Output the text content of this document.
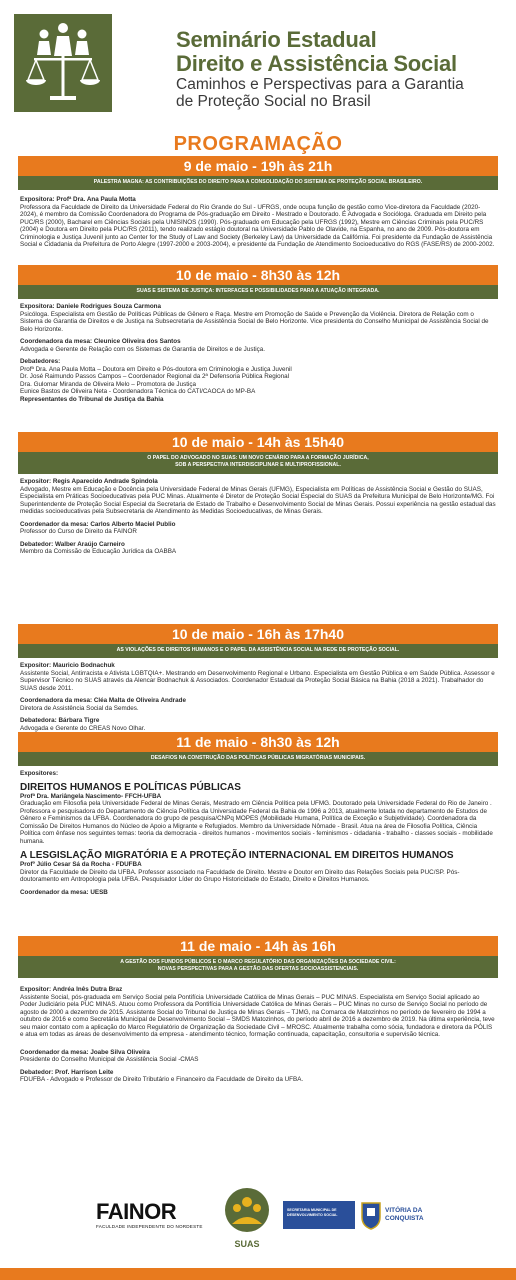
Seminário Estadual
Direito e Assistência Social
Caminhos e Perspectivas para a Garantia
de Proteção Social no Brasil
PROGRAMAÇÃO
9 de maio - 19h às 21h
PALESTRA MAGNA: AS CONTRIBUIÇÕES DO DIREITO PARA A CONSOLIDAÇÃO DO SISTEMA DE PROTEÇÃO SOCIAL BRASILEIRO.
Expositora: Profª Dra. Ana Paula Motta

Professora da Faculdade de Direito da Universidade Federal do Rio Grande do Sul - UFRGS, onde ocupa função de gestão como Vice-diretora da Faculdade (2020-2024), é membro da Comissão Coordenadora do Programa de Pós-graduação em Direito - Mestrado e Doutorado. É Advogada e Socióloga. Graduada em Direito pela PUC/RS (2000), Bacharel em Ciências Sociais pela UNISINOS (1990). Pós-graduado em Educação pela UFRGS (1992), Mestre em Ciências Criminais pela PUC/RS (2004) e Doutora em Direito pela PUC/RS (2011), tendo realizado estágio doutoral na Universidade Pablo de Olavide, na Espanha, no ano de 2009. Pós-doutora em Criminologia e Justiça Juvenil junto ao Center for the Study of Law and Society (Berkeley Law) da Universidade da Califórnia. Foi presidente da Fundação de Assistência Social e Cidadania da Prefeitura de Porto Alegre (1997-2000 e 2003-2004), e presidente da Fundação de Atendimento Socioeducativo do RGS (FASE/RS) de 2000-2002.

10 de maio - 8h30 às 12h
SUAS E SISTEMA DE JUSTIÇA: INTERFACES E POSSIBILIDADES PARA A ATUAÇÃO INTEGRADA.
Expositora: Daniele Rodrigues Souza Carmona

Psicóloga. Especialista em Gestão de Políticas Públicas de Gênero e Raça. Mestre em Promoção de Saúde e Prevenção da Violência. Diretora de Relação com o Sistema de Garantia de Direitos e de Justiça na Subsecretaria de Assistência Social de Belo Horizonte. Vice presidenta do Conselho Municipal de Assistência Social de Belo Horizonte.

Coordenadora da mesa: Cleunice Oliveira dos Santos

Advogada e Gerente de Relação com os Sistemas de Garantia de Direitos e de Justiça.

Debatedores:
Profª Dra. Ana Paula Motta – Doutora em Direito e Pós-doutora em Criminologia e Justiça Juvenil
Dr. José Raimundo Passos Campos – Coordenador Regional da 2ª Defensoria Pública Regional
Dra. Gulomar Miranda de Oliveira Melo – Promotora de Justiça
Eunice Bastos de Oliveira Neta - Coordenadora Técnica do CATI/CAOCA do MP-BA
Representantes do Tribunal de Justiça da Bahia
10 de maio - 14h às 15h40
O PAPEL DO ADVOGADO NO SUAS: UM NOVO CENÁRIO PARA A FORMAÇÃO JURÍDICA,
SOB A PERSPECTIVA INTERDISCIPLINAR E MULTIPROFISSIONAL.
Expositor: Regis Aparecido Andrade Spindola

Advogado, Mestre em Educação e Docência pela Universidade Federal de Minas Gerais (UFMG), Especialista em Políticas de Assistência Social e Gestão do SUAS, Especialista em Práticas Socioeducativas pela PUC Minas. Atualmente é Diretor de Proteção Social Especial do SUAS da Prefeitura Municipal de Belo Horizonte/MG. Foi Superintendente de Proteção Social Especial da Secretaria de Estado de Trabalho e Desenvolvimento Social de Minas Gerais. Possui experiência na gestão estadual das medidas socioeducativas pela Subsecretaria de Atendimento às Medidas Socioeducativas, de Minas Gerais.

Coordenador da mesa: Carlos Alberto Maciel Publio

Professor do Curso de Direito da FAINOR

Debatedor: Walber Araújo Carneiro

Membro da Comissão de Educação Jurídica da OABBA

10 de maio - 16h às 17h40
AS VIOLAÇÕES DE DIREITOS HUMANOS E O PAPEL DA ASSISTÊNCIA SOCIAL NA REDE DE PROTEÇÃO SOCIAL.
Expositor: Mauricio Bodnachuk

Assistente Social, Antirracista e Ativista LGBTQIA+. Mestrando em Desenvolvimento Regional e Urbano. Especialista em Gestão Pública e em Saúde Pública. Assessor e Supervisor Técnico no SUAS através da Alencar Bodnachuk & Associados. Coordenador Estadual da Proteção Social Básica na Bahia (2018 a 2021). Trabalhador do SUAS desde 2011.

Coordenadora da mesa: Cléa Malta de Oliveira Andrade

Diretora de Assistência Social da Semdes.

Debatedora: Bárbara Tigre

Advogada e Gerente do CREAS Novo Olhar.

11 de maio - 8h30 às 12h
DESAFIOS NA CONSTRUÇÃO DAS POLÍTICAS PÚBLICAS MIGRATÓRIAS MUNICIPAIS.
Expositores:
DIREITOS HUMANOS E POLÍTICAS PÚBLICAS
Profª Dra. Mariângela Nascimento- FFCH-UFBA

Graduação em Filosofia pela Universidade Federal de Minas Gerais, Mestrado em Ciência Política pela UFMG. Doutorado pela Universidade Federal do Rio de Janeiro . Professora e pesquisadora do Departamento de Ciência Política da Universidade Federal da Bahia de 1996 a 2013, atualmente lotada no departamento de Estudos de Gênero e Feminismos da UFBA. Coordenadora do grupo de pesquisa/CNPq MOPES (Mobilidade Humana, Política de Exceção e Subjetividade). Coordenadora da Comissão De Direitos Humanos do Núcleo de Apoio a Migrante e Refugiados. Membro da Universidade Nômade - Brasil. Atua na área de Filosofia Política, Ciência Política com ênfase nos seguintes temas: teoria da democracia - direitos humanos - movimentos sociais - feminismos - cidadania - trabalho - classes sociais - mobilidade humana.

A LESGISLAÇÃO MIGRATÓRIA E A PROTEÇÃO INTERNACIONAL EM DIREITOS HUMANOS
Profº Júlio Cesar Sá da Rocha - FDUFBA

Diretor da Faculdade de Direito da UFBA. Professor associado na Faculdade de Direito. Mestre e Doutor em Direito das Relações Sociais pela PUC/SP. Pós-doutoramento em Antropologia pela UFBA. Pesquisador Líder do Grupo Historicidade do Estado, Direito e Direitos Humanos.

Coordenador da mesa: UESB
11 de maio - 14h às 16h
A GESTÃO DOS FUNDOS PÚBLICOS E O MARCO REGULATÓRIO DAS ORGANIZAÇÕES DA SOCIEDADE CIVIL:
NOVAS PERSPECTIVAS PARA A GESTÃO DAS OFERTAS SOCIOASSISTENCIAIS.
Expositor: Andréa Inês Dutra Braz

Assistente Social, pós-graduada em Serviço Social pela Pontifícia Universidade Católica de Minas Gerais – PUC MINAS. Especialista em Serviço Social aplicado ao Poder Judiciário pela PUC MINAS. Atuou como Professora da Pontifícia Universidade Católica de Minas Gerais – PUC Minas no curso de Serviço Social no período de agosto de 2000 a dezembro de 2015. Assistente Social do Tribunal de Justiça de Minas Gerais – TJMG, na Comarca de Matozinhos no período de fevereiro de 1994 a outubro de 2016 e como Secretária Municipal de Desenvolvimento Social – SMDS Matozinhos, do período abril de 2016 a dezembro de 2019. Na última experiência, teve seu maior contato com a aplicação do Marco Regulatório de Organização da Sociedade Civil – MROSC. Atualmente trabalha como sócia, fundadora e diretora da PÓLIS e atua em todas as áreas de desenvolvimento da empresa - atendimento técnico, formação continuada, capacitação, consultoria e supervisão técnica.

Coordenador da mesa: Joabe Silva Oliveira

Presidente do Conselho Municipal de Assistência Social -CMAS

Debatedor: Prof. Harrison Leite

FDUFBA - Advogado e Professor de Direito Tributário e Financeiro da Faculdade de Direito da UFBA.

FAINOR
FACULDADE INDEPENDENTE DO NORDESTE
SUAS
SECRETARIA MUNICIPAL DE
DESENVOLVIMENTO SOCIAL
VITÓRIA DA
CONQUISTA
